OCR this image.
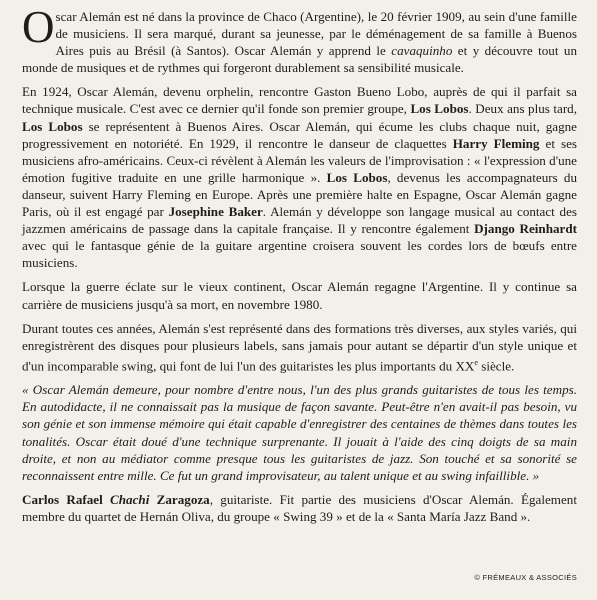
Oscar Alemán est né dans la province de Chaco (Argentine), le 20 février 1909, au sein d'une famille de musiciens. Il sera marqué, durant sa jeunesse, par le déménagement de sa famille à Buenos Aires puis au Brésil (à Santos). Oscar Alemán y apprend le cavaquinho et y découvre tout un monde de musiques et de rythmes qui forgeront durablement sa sensibilité musicale.

En 1924, Oscar Alemán, devenu orphelin, rencontre Gaston Bueno Lobo, auprès de qui il parfait sa technique musicale. C'est avec ce dernier qu'il fonde son premier groupe, Los Lobos. Deux ans plus tard, Los Lobos se représentent à Buenos Aires. Oscar Alemán, qui écume les clubs chaque nuit, gagne progressivement en notoriété. En 1929, il rencontre le danseur de claquettes Harry Fleming et ses musiciens afro-américains. Ceux-ci révèlent à Alemán les valeurs de l'improvisation : « l'expression d'une émotion fugitive traduite en une grille harmonique ». Los Lobos, devenus les accompagnateurs du danseur, suivent Harry Fleming en Europe. Après une première halte en Espagne, Oscar Alemán gagne Paris, où il est engagé par Josephine Baker. Alemán y développe son langage musical au contact des jazzmen américains de passage dans la capitale française. Il y rencontre également Django Reinhardt avec qui le fantasque génie de la guitare argentine croisera souvent les cordes lors de bœufs entre musiciens.

Lorsque la guerre éclate sur le vieux continent, Oscar Alemán regagne l'Argentine. Il y continue sa carrière de musiciens jusqu'à sa mort, en novembre 1980.

Durant toutes ces années, Alemán s'est représenté dans des formations très diverses, aux styles variés, qui enregistrèrent des disques pour plusieurs labels, sans jamais pour autant se départir d'un style unique et d'un incomparable swing, qui font de lui l'un des guitaristes les plus importants du XXe siècle.

« Oscar Alemán demeure, pour nombre d'entre nous, l'un des plus grands guitaristes de tous les temps. En autodidacte, il ne connaissait pas la musique de façon savante. Peut-être n'en avait-il pas besoin, vu son génie et son immense mémoire qui était capable d'enregistrer des centaines de thèmes dans toutes les tonalités. Oscar était doué d'une technique surprenante. Il jouait à l'aide des cinq doigts de sa main droite, et non au médiator comme presque tous les guitaristes de jazz. Son touché et sa sonorité se reconnaissent entre mille. Ce fut un grand improvisateur, au talent unique et au swing infaillible. »

Carlos Rafael Chachi Zaragoza, guitariste. Fit partie des musiciens d'Oscar Alemán. Également membre du quartet de Hernán Oliva, du groupe « Swing 39 » et de la « Santa María Jazz Band ».

© FRÉMEAUX & ASSOCIÉS
